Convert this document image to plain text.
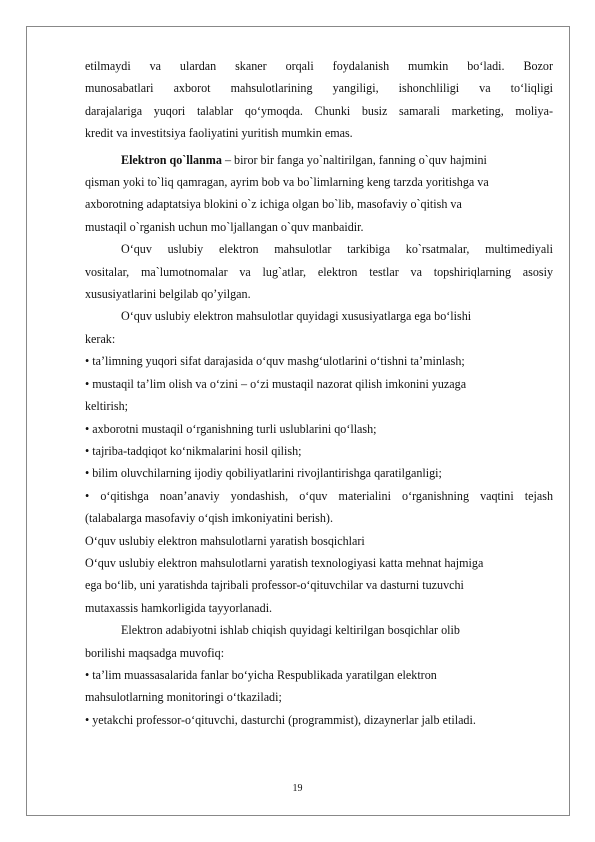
etilmaydi va ulardan skaner orqali foydalanish mumkin bo‘ladi. Bozor

munosabatlari axborot mahsulotlarining yangiligi, ishonchliligi va to‘liqligi

darajalariga yuqori talablar qo‘ymoqda. Chunki busiz samarali marketing, moliya-

kredit va investitsiya faoliyatini yuritish mumkin emas.

Elektron qo`llanma – biror bir fanga yo`naltirilgan, fanning o`quv hajmini

qisman yoki to`liq qamragan, ayrim bob va bo`limlarning keng tarzda yoritishga va

axborotning adaptatsiya blokini o`z ichiga olgan bo`lib, masofaviy o`qitish va

mustaqil o`rganish uchun mo`ljallangan o`quv manbaidir.

O‘quv uslubiy elektron mahsulotlar tarkibiga ko`rsatmalar, multimediyali

vositalar, ma`lumotnomalar va lug`atlar, elektron testlar va topshiriqlarning asosiy

xususiyatlarini belgilab qo’yilgan.

O‘quv uslubiy elektron mahsulotlar quyidagi xususiyatlarga ega bo‘lishi

kerak:

• ta’limning yuqori sifat darajasida o‘quv mashg‘ulotlarini o‘tishni ta’minlash;

• mustaqil ta’lim olish va o‘zini – o‘zi mustaqil nazorat qilish imkonini yuzaga

keltirish;

• axborotni mustaqil o‘rganishning turli uslublarini qo‘llash;

• tajriba-tadqiqot ko‘nikmalarini hosil qilish;

• bilim oluvchilarning ijodiy qobiliyatlarini rivojlantirishga qaratilganligi;

• o‘qitishga noan’anaviy yondashish, o‘quv materialini o‘rganishning vaqtini tejash

(talabalarga masofaviy o‘qish imkoniyatini berish).

O‘quv uslubiy elektron mahsulotlarni yaratish bosqichlari

O‘quv uslubiy elektron mahsulotlarni yaratish texnologiyasi katta mehnat hajmiga

ega bo‘lib, uni yaratishda tajribali professor-o‘qituvchilar va dasturni tuzuvchi

mutaxassis hamkorligida tayyorlanadi.

Elektron adabiyotni ishlab chiqish quyidagi keltirilgan bosqichlar olib

borilishi maqsadga muvofiq:

• ta’lim muassasalarida fanlar bo‘yicha Respublikada yaratilgan elektron

mahsulotlarning monitoringi o‘tkaziladi;

• yetakchi professor-o‘qituvchi, dasturchi (programmist), dizaynerlar jalb etiladi.

19
